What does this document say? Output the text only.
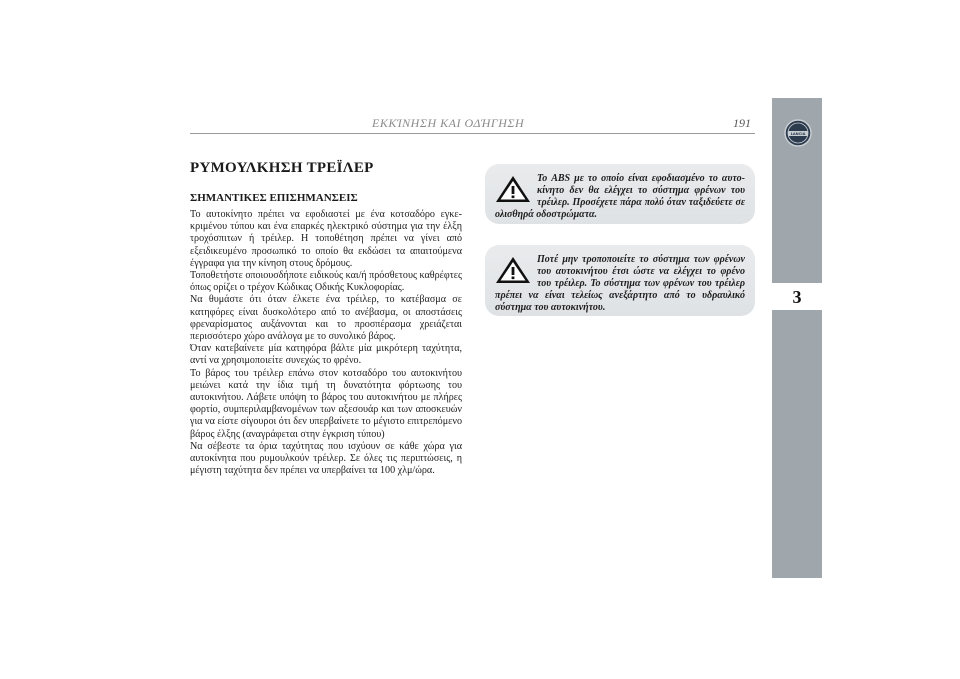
ΕΚΚΊΝΗΣΗ ΚΑΙ ΟΔΉΓΗΣΗ	191
LANCIA
3
ΡΥΜΟΥΛΚΗΣΗ ΤΡΕΪΛΕΡ
ΣΗΜΑΝΤΙΚΕΣ ΕΠΙΣΗΜΑΝΣΕΙΣ

Το αυτοκίνητο πρέπει να εφοδιαστεί με ένα κοτσαδόρο εγκεκριμένου τύπου και ένα επαρκές ηλεκτρικό σύστημα για την έλξη τροχόσπιτων ή τρέιλερ. Η τοποθέτηση πρέπει να γίνει από εξειδικευμένο προσωπικό το οποίο θα εκδώσει τα απαιτούμενα έγγραφα για την κίνηση στους δρόμους.

Τοποθετήστε οποιουσδήποτε ειδικούς και/ή πρόσθετους καθρέφτες όπως ορίζει ο τρέχον Κώδικας Οδικής Κυκλοφορίας.

Να θυμάστε ότι όταν έλκετε ένα τρέιλερ, το κατέβασμα σε κατηφόρες είναι δυσκολότερο από το ανέβασμα, οι αποστάσεις φρεναρίσματος αυξάνονται και το προσπέρασμα χρειάζεται περισσότερο χώρο ανάλογα με το συνολικό βάρος.

Όταν κατεβαίνετε μία κατηφόρα βάλτε μία μικρότερη ταχύτητα, αντί να χρησιμοποιείτε συνεχώς το φρένο.

Το βάρος του τρέιλερ επάνω στον κοτσαδόρο του αυτοκινήτου μειώνει κατά την ίδια τιμή τη δυνατότητα φόρτωσης του αυτοκινήτου. Λάβετε υπόψη το βάρος του αυτοκινήτου με πλήρες φορτίο, συμπεριλαμβανομένων των αξεσουάρ και των αποσκευών για να είστε σίγουροι ότι δεν υπερβαίνετε το μέγιστο επιτρεπόμενο βάρος έλξης (αναγράφεται στην έγκριση τύπου)

Να σέβεστε τα όρια ταχύτητας που ισχύουν σε κάθε χώρα για αυτοκίνητα που ρυμουλκούν τρέιλερ. Σε όλες τις περιπτώσεις, η μέγιστη ταχύτητα δεν πρέπει να υπερβαίνει τα 100 χλμ/ώρα.

Το ABS με το οποίο είναι εφοδιασμένο το αυτοκίνητο δεν θα ελέγχει το σύστημα φρένων του τρέιλερ. Προσέχετε πάρα πολύ όταν ταξιδεύετε σε ολισθηρά οδοστρώματα.
Ποτέ μην τροποποιείτε το σύστημα των φρένων του αυτοκινήτου έτσι ώστε να ελέγχει το φρένο του τρέιλερ. Το σύστημα των φρένων του τρέιλερ πρέπει να είναι τελείως ανεξάρτητο από το υδραυλικό σύστημα του αυτοκινήτου.
